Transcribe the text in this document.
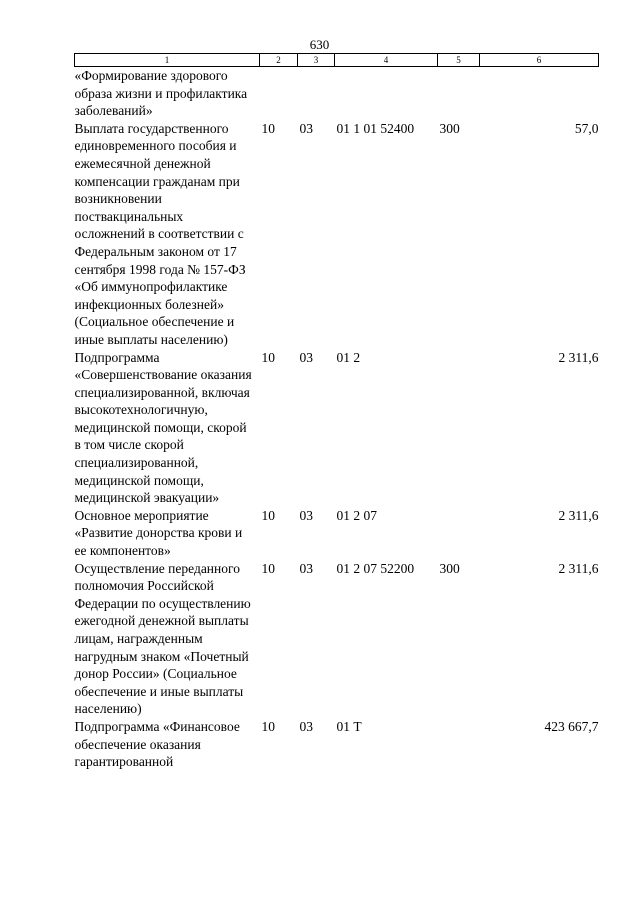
630
1	2	3	4	5	6
«Формирование здорового образа жизни и профилактика заболеваний»					
Выплата государственного единовременного пособия и ежемесячной денежной компенсации гражданам при возникновении поствакцинальных осложнений в соответствии с Федеральным законом от 17 сентября 1998 года № 157-ФЗ «Об иммунопрофилактике инфекционных болезней» (Социальное обеспечение и иные выплаты населению)	10	03	01 1 01 52400	300	57,0
Подпрограмма «Совершенствование оказания специализированной, включая высокотехнологичную, медицинской помощи, скорой в том числе скорой специализированной, медицинской помощи, медицинской эвакуации»	10	03	01 2		2 311,6
Основное мероприятие «Развитие донорства крови и ее компонентов»	10	03	01 2 07		2 311,6
Осуществление переданного полномочия Российской Федерации по осуществлению ежегодной денежной выплаты лицам, награжденным нагрудным знаком «Почетный донор России» (Социальное обеспечение и иные выплаты населению)	10	03	01 2 07 52200	300	2 311,6
Подпрограмма «Финансовое обеспечение оказания гарантированной	10	03	01 Т		423 667,7
